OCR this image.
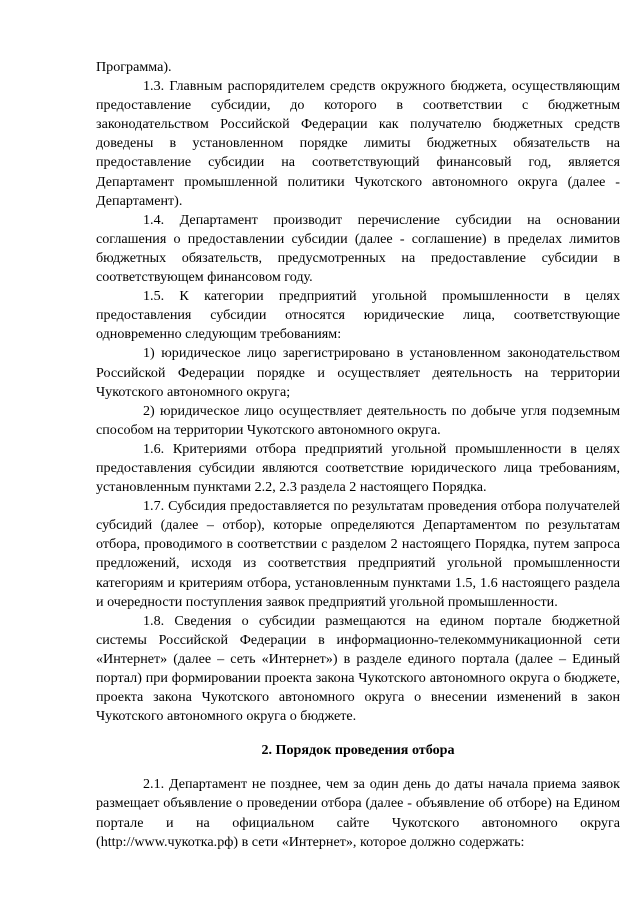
Программа).

1.3. Главным распорядителем средств окружного бюджета, осуществляющим предоставление субсидии, до которого в соответствии с бюджетным законодательством Российской Федерации как получателю бюджетных средств доведены в установленном порядке лимиты бюджетных обязательств на предоставление субсидии на соответствующий финансовый год, является Департамент промышленной политики Чукотского автономного округа (далее - Департамент).

1.4. Департамент производит перечисление субсидии на основании соглашения о предоставлении субсидии (далее - соглашение) в пределах лимитов бюджетных обязательств, предусмотренных на предоставление субсидии в соответствующем финансовом году.

1.5. К категории предприятий угольной промышленности в целях предоставления субсидии относятся юридические лица, соответствующие одновременно следующим требованиям:

1) юридическое лицо зарегистрировано в установленном законодательством Российской Федерации порядке и осуществляет деятельность на территории Чукотского автономного округа;

2) юридическое лицо осуществляет деятельность по добыче угля подземным способом на территории Чукотского автономного округа.

1.6. Критериями отбора предприятий угольной промышленности в целях предоставления субсидии являются соответствие юридического лица требованиям, установленным пунктами 2.2, 2.3 раздела 2 настоящего Порядка.

1.7. Субсидия предоставляется по результатам проведения отбора получателей субсидий (далее – отбор), которые определяются Департаментом по результатам отбора, проводимого в соответствии с разделом 2 настоящего Порядка, путем запроса предложений, исходя из соответствия предприятий угольной промышленности категориям и критериям отбора, установленным пунктами 1.5, 1.6 настоящего раздела и очередности поступления заявок предприятий угольной промышленности.

1.8. Сведения о субсидии размещаются на едином портале бюджетной системы Российской Федерации в информационно-телекоммуникационной сети «Интернет» (далее – сеть «Интернет») в разделе единого портала (далее – Единый портал) при формировании проекта закона Чукотского автономного округа о бюджете, проекта закона Чукотского автономного округа о внесении изменений в закон Чукотского автономного округа о бюджете.

2. Порядок проведения отбора

2.1. Департамент не позднее, чем за один день до даты начала приема заявок размещает объявление о проведении отбора (далее - объявление об отборе) на Едином портале и на официальном сайте Чукотского автономного округа (http://www.чукотка.рф) в сети «Интернет», которое должно содержать:
